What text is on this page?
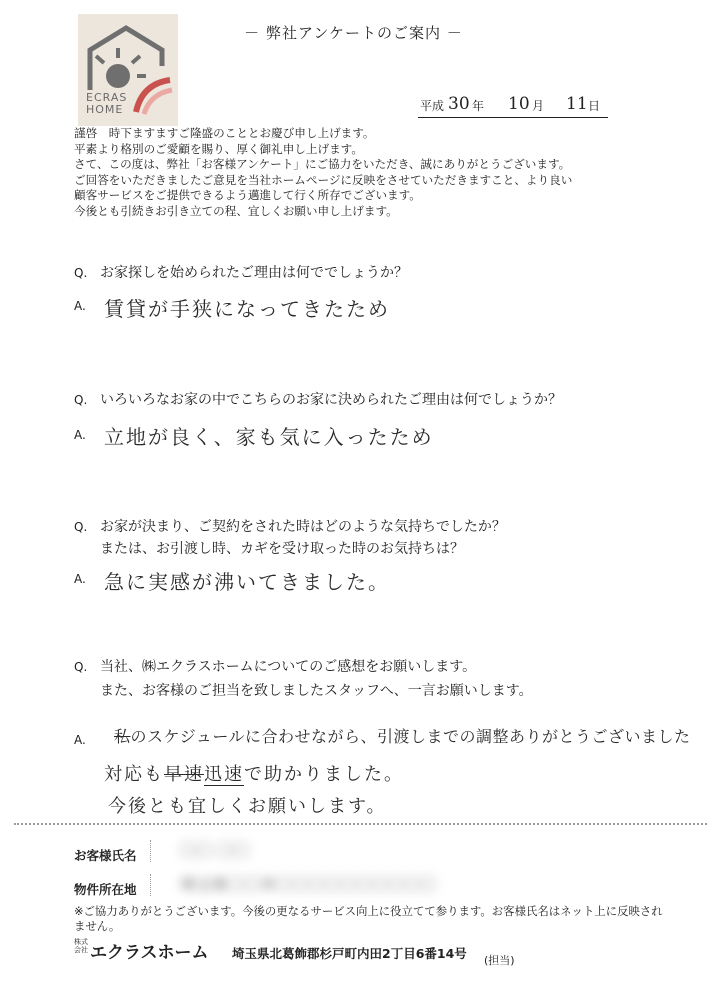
ECRAS
HOME
－ 弊社アンケートのご案内 －
平成 30 年 10 月 11 日
謹啓　時下ますますご隆盛のこととお慶び申し上げます。
平素より格別のご愛顧を賜り、厚く御礼申し上げます。
さて、この度は、弊社「お客様アンケート」にご協力をいただき、誠にありがとうございます。
ご回答をいただきましたご意見を当社ホームページに反映をさせていただきますこと、より良い
顧客サービスをご提供できるよう邁進して行く所存でございます。
今後とも引続きお引き立ての程、宜しくお願い申し上げます。
Q. お家探しを始められたご理由は何ででしょうか？
A. 賃貸が手狭になってきたため
Q. いろいろなお家の中でこちらのお家に決められたご理由は何でしょうか？
A. 立地が良く、家も気に入ったため
Q. お家が決まり、ご契約をされた時はどのような気持ちでしたか？
または、お引渡し時、カギを受け取った時のお気持ちは？
A. 急に実感が沸いてきました。
Q. 当社、㈱エクラスホームについてのご感想をお願いします。
また、お客様のご担当を致しましたスタッフへ、一言お願いします。
A. 私のスケジュールに合わせながら、引渡しまでの調整ありがとうございました
対応も早速迅速で助かりました。
今後とも宜しくお願いします。
お客様氏名	〇〇 〇〇
物件所在地	埼玉県〇〇市〇〇〇〇〇〇〇〇〇〇
※ご協力ありがとうございます。今後の更なるサービス向上に役立てて参ります。お客様氏名はネット上に反映されません。
株式
会社 エクラスホーム 埼玉県北葛飾郡杉戸町内田2丁目6番14号 (担当)
